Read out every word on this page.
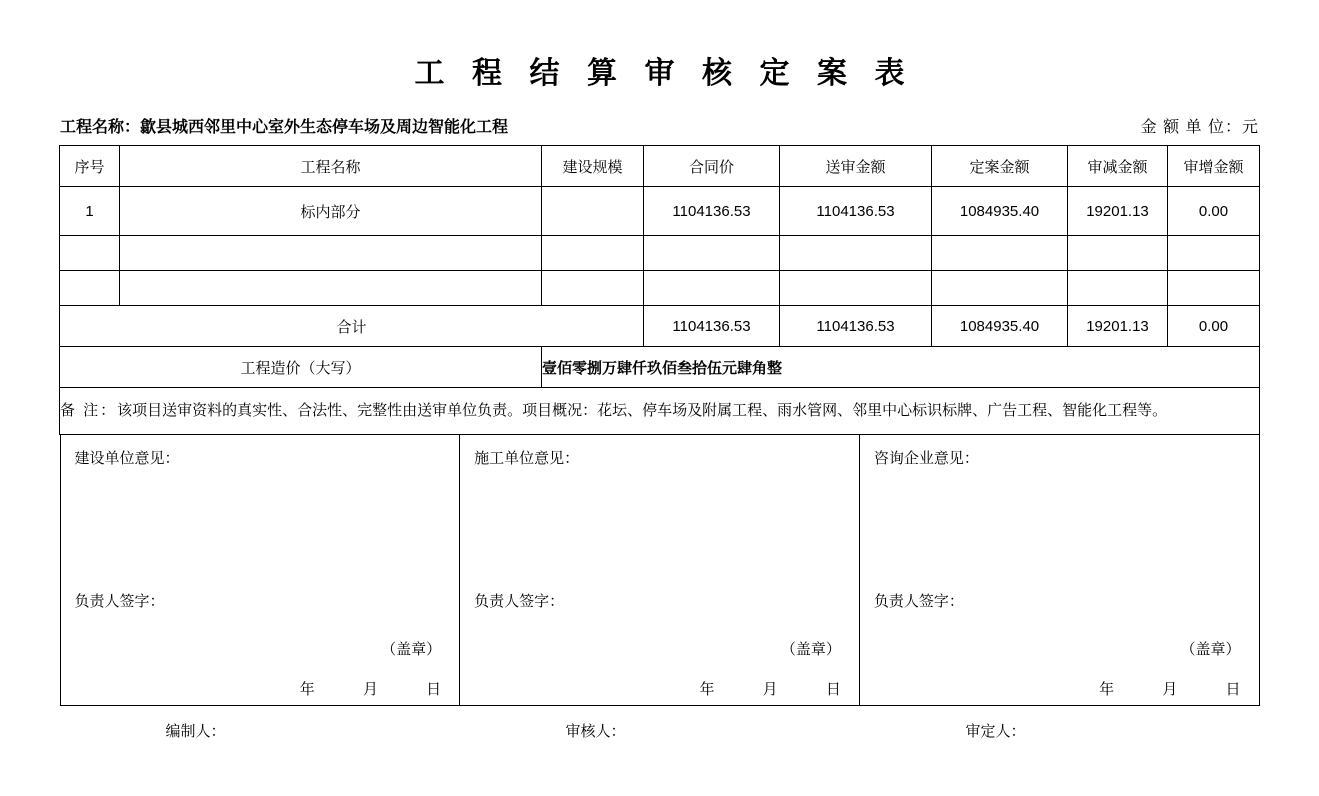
工 程 结 算 审 核 定 案 表
工程名称：歙县城西邻里中心室外生态停车场及周边智能化工程	金 额 单 位：元
序号	工程名称	建设规模	合同价	送审金额	定案金额	审减金额	审增金额
1	标内部分		1104136.53	1104136.53	1084935.40	19201.13	0.00

合计			1104136.53	1104136.53	1084935.40	19201.13	0.00
工程造价（大写）		壹佰零捌万肆仟玖佰叁拾伍元肆角整					
备 注：该项目送审资料的真实性、合法性、完整性由送审单位负责。项目概况：花坛、停车场及附属工程、雨水管网、邻里中心标识标牌、广告工程、智能化工程等。							
建设单位意见：
负责人签字：
（盖章）
年	月	日
施工单位意见：
负责人签字：
（盖章）
年	月	日
咨询企业意见：
负责人签字：
（盖章）
年	月	日
编制人：	审核人：	审定人：
